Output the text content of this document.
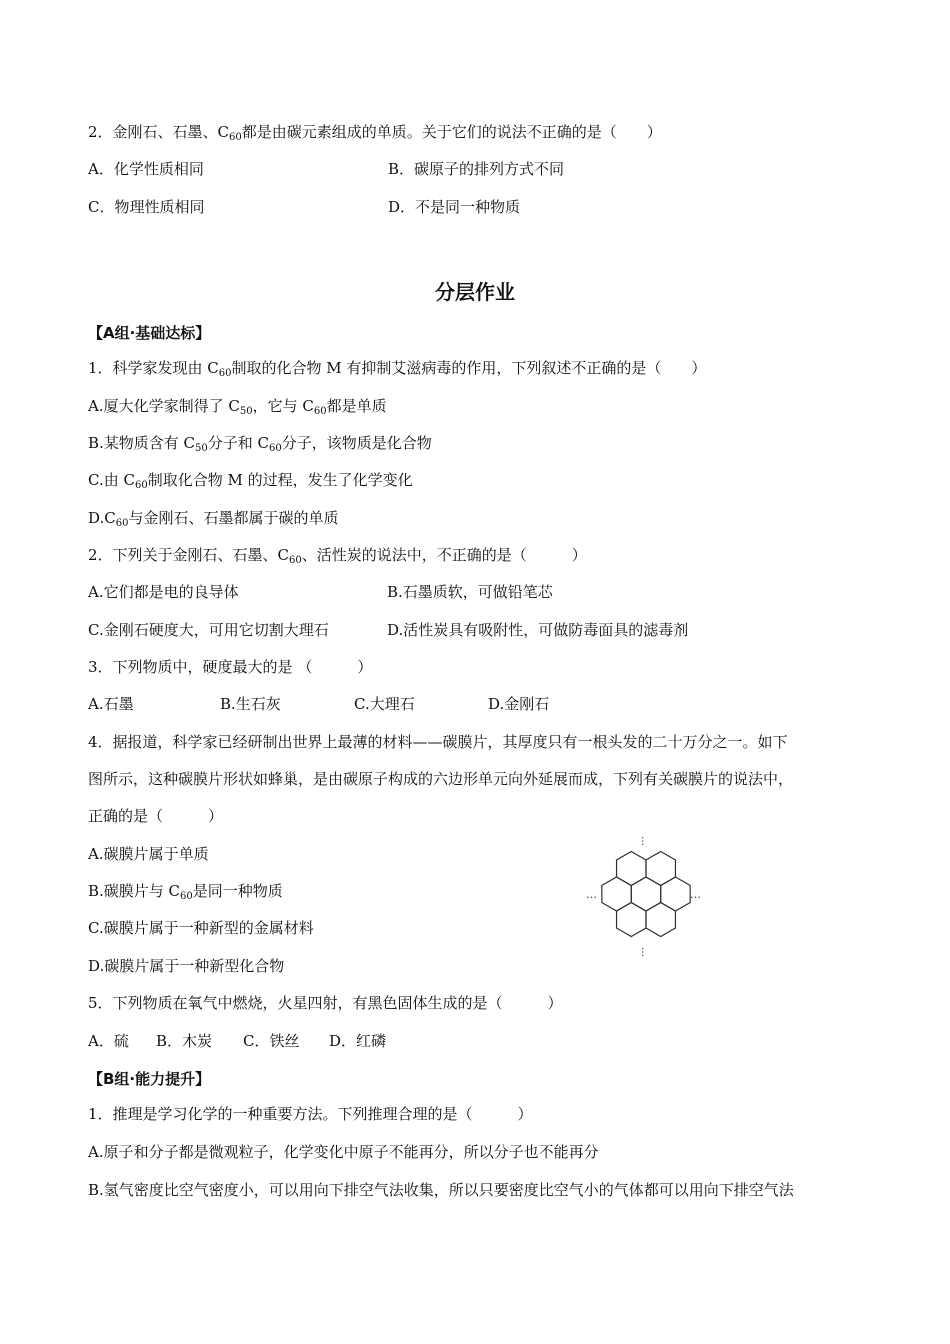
2．金刚石、石墨、$C_{60}$都是由碳元素组成的单质。关于它们的说法不正确的是（　　）
A．化学性质相同	B．碳原子的排列方式不同
C．物理性质相同	D．不是同一种物质
分层作业
【A组·基础达标】
1．科学家发现由 $C_{60}$制取的化合物 M 有抑制艾滋病毒的作用，下列叙述不正确的是（　　）
A.厦大化学家制得了 $C_{50}$，它与 $C_{60}$都是单质
B.某物质含有 $C_{50}$分子和 $C_{60}$分子，该物质是化合物
C.由 $C_{60}$制取化合物 M 的过程，发生了化学变化
$D.C_{60}$与金刚石、石墨都属于碳的单质
2．下列关于金刚石、石墨、$C_{60}$、活性炭的说法中，不正确的是（　　　）
A.它们都是电的良导体	B.石墨质软，可做铅笔芯
C.金刚石硬度大，可用它切割大理石	D.活性炭具有吸附性，可做防毒面具的滤毒剂
3．下列物质中，硬度最大的是 （　　　）
A.石墨	B.生石灰	C.大理石	D.金刚石
4．据报道，科学家已经研制出世界上最薄的材料——碳膜片，其厚度只有一根头发的二十万分之一。如下
图所示，这种碳膜片形状如蜂巢，是由碳原子构成的六边形单元向外延展而成，下列有关碳膜片的说法中，
正确的是（　　　）
A.碳膜片属于单质
B.碳膜片与 $C_{60}$是同一种物质
C.碳膜片属于一种新型的金属材料
D.碳膜片属于一种新型化合物
…
…
…	…
5．下列物质在氧气中燃烧，火星四射，有黑色固体生成的是（　　　）
A．硫 B．木炭 C．铁丝 D．红磷
【B组·能力提升】
1．推理是学习化学的一种重要方法。下列推理合理的是（　　　）
A.原子和分子都是微观粒子，化学变化中原子不能再分，所以分子也不能再分
B.氢气密度比空气密度小，可以用向下排空气法收集，所以只要密度比空气小的气体都可以用向下排空气法
